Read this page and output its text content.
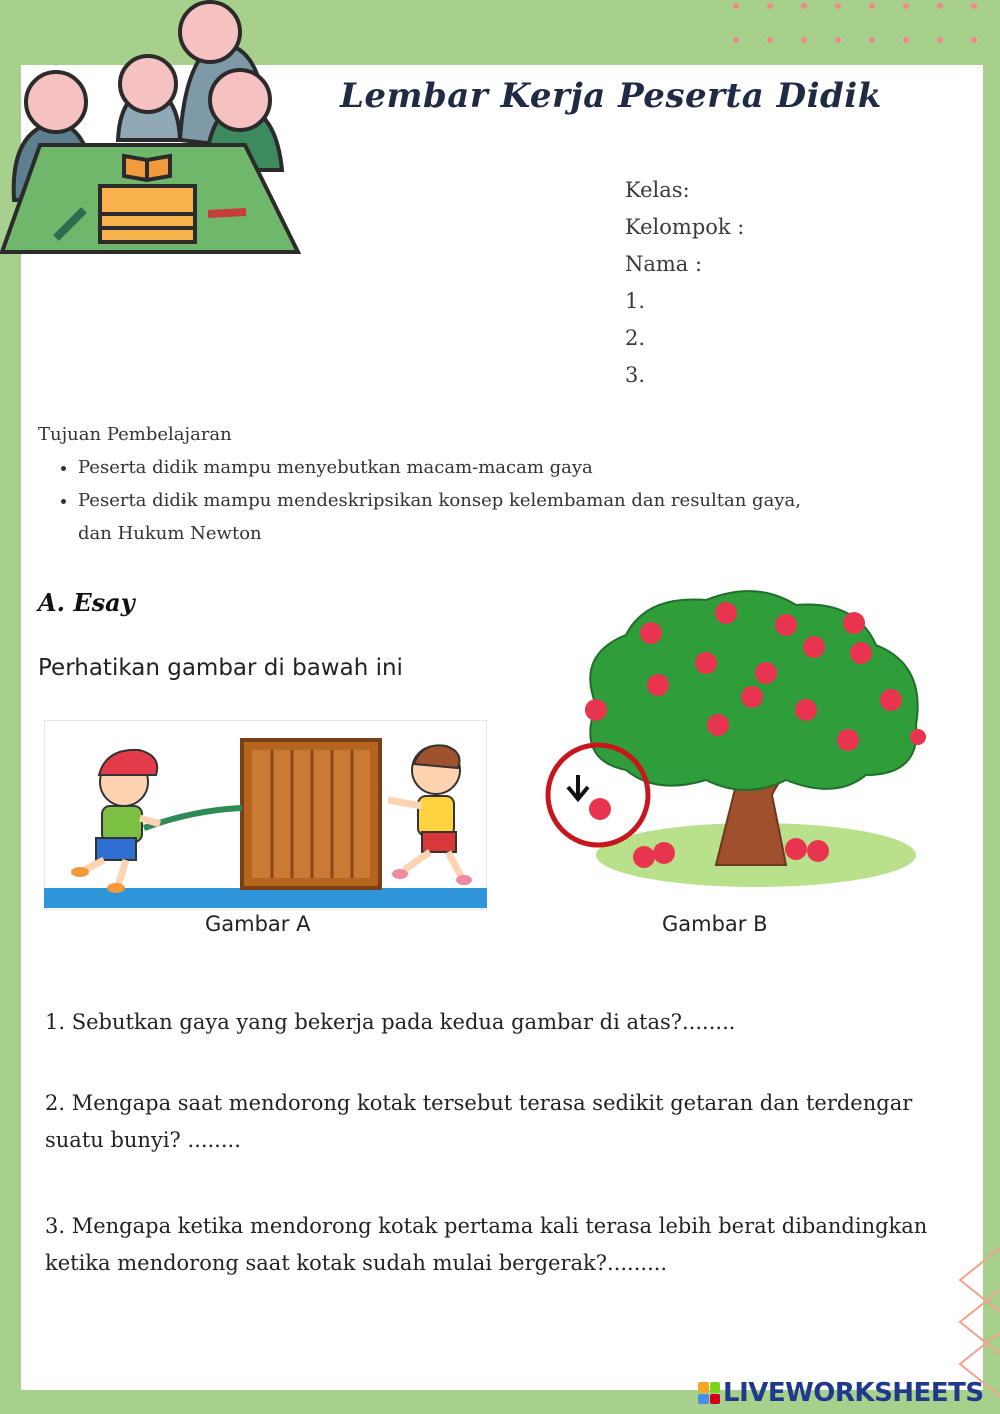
Lembar Kerja Peserta Didik
Kelas:
Kelompok :
Nama :
1.
2.
3.
Tujuan Pembelajaran
• Peserta didik mampu menyebutkan macam-macam gaya
• Peserta didik mampu mendeskripsikan konsep kelembaman dan resultan gaya, dan Hukum Newton
A. Esay
Perhatikan gambar di bawah ini
Gambar A	Gambar B
1. Sebutkan gaya yang bekerja pada kedua gambar di atas?........
2. Mengapa saat mendorong kotak tersebut terasa sedikit getaran dan terdengar suatu bunyi? ........
3. Mengapa ketika mendorong kotak pertama kali terasa lebih berat dibandingkan ketika mendorong saat kotak sudah mulai bergerak?.........
LIVEWORKSHEETS
